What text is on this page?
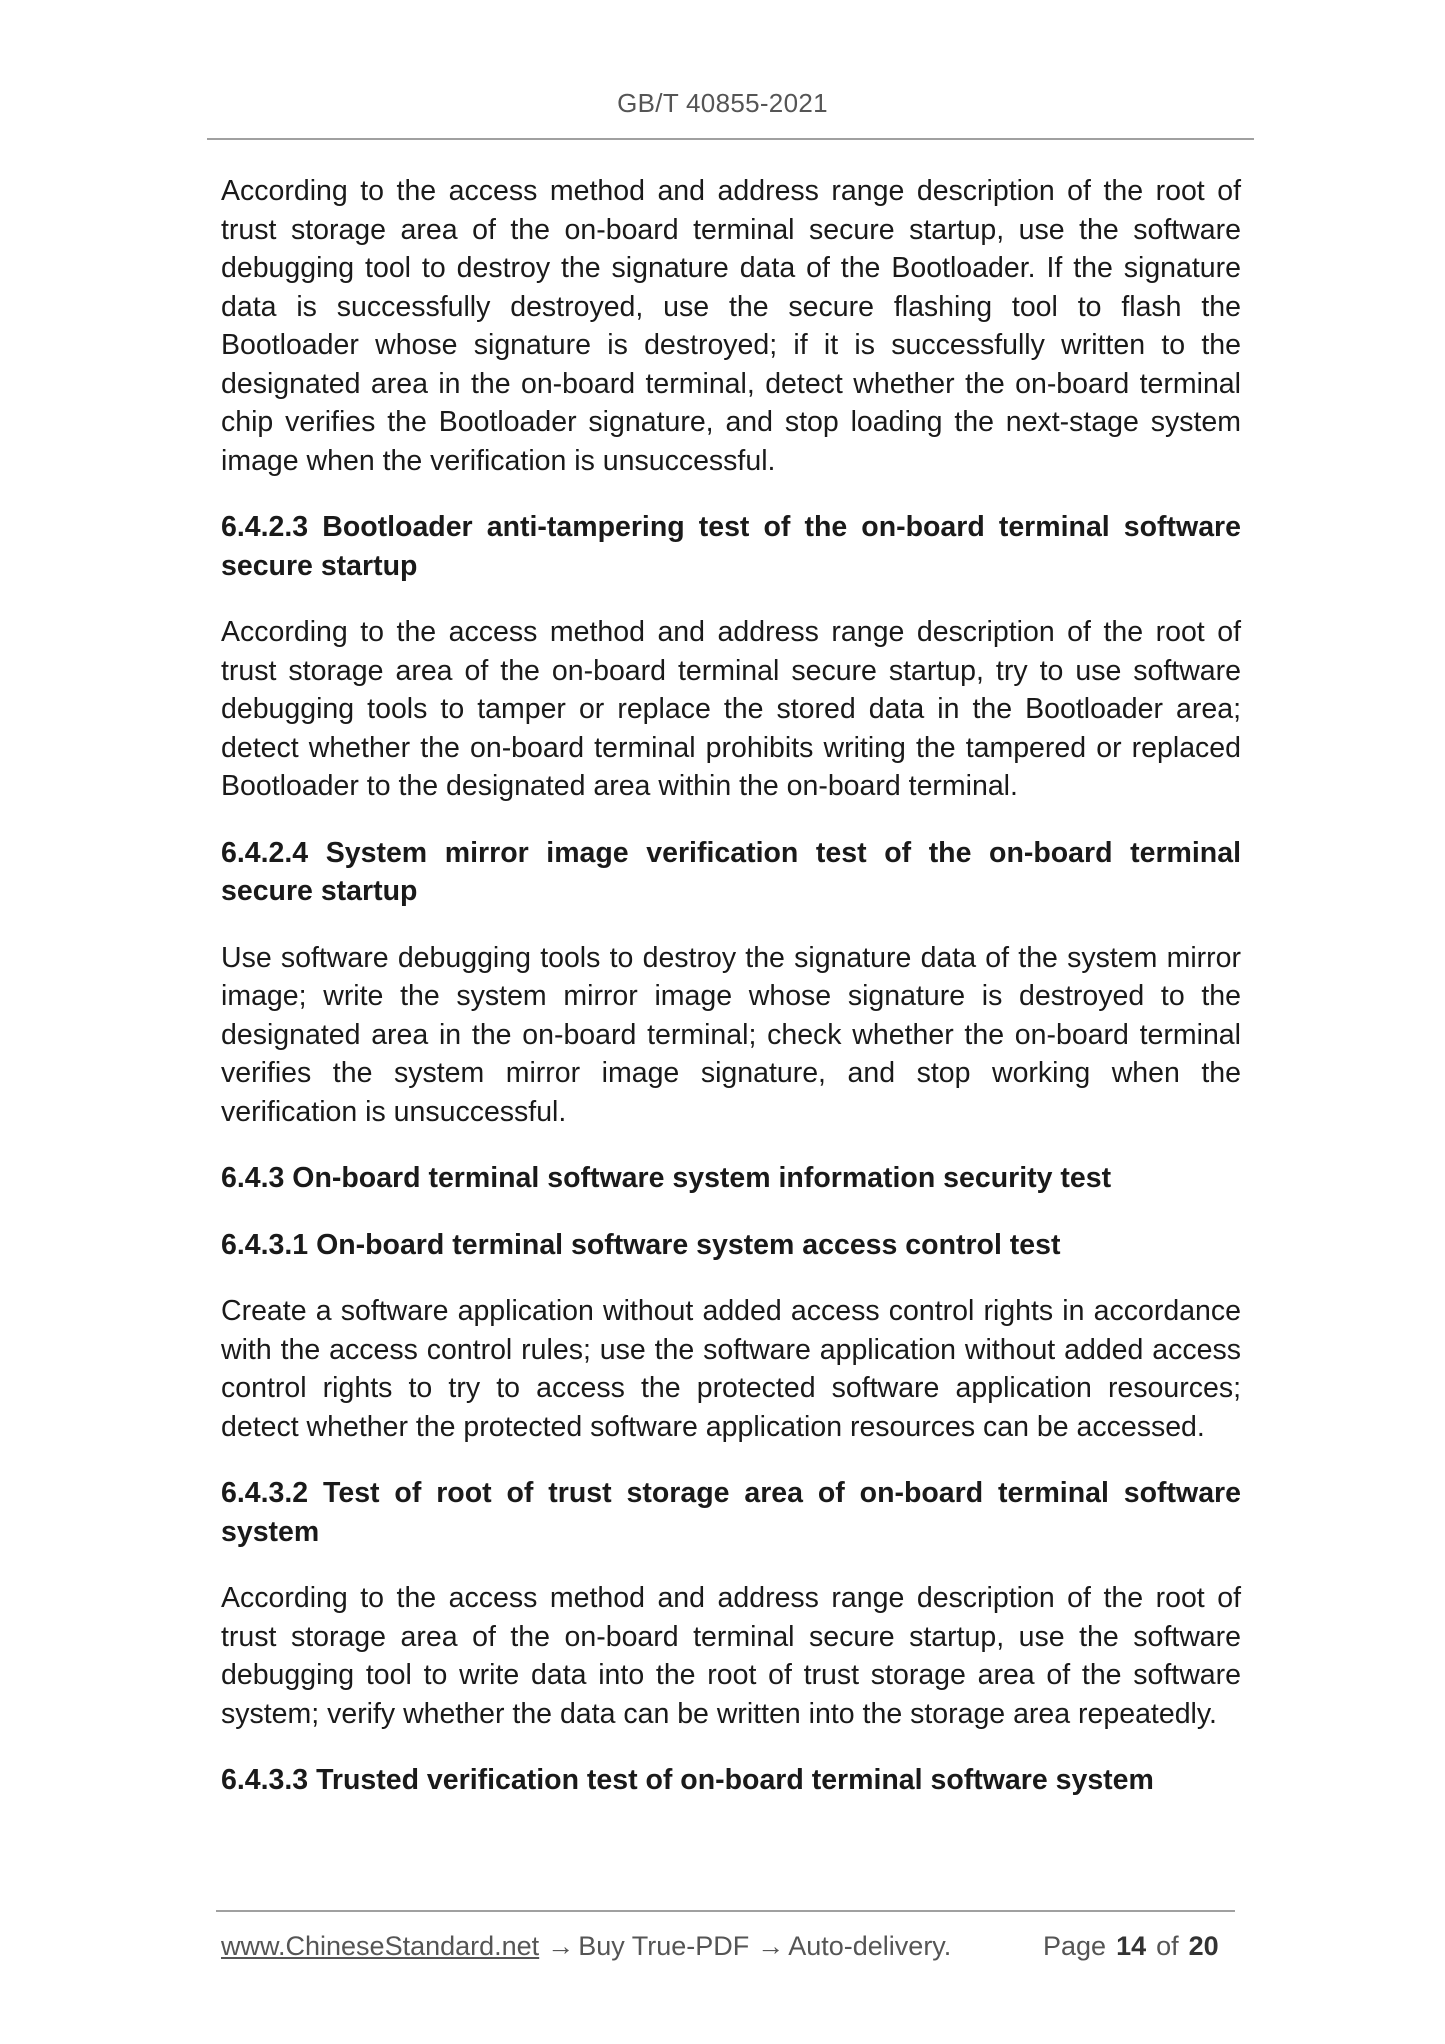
GB/T 40855-2021

According to the access method and address range description of the root of trust storage area of the on-board terminal secure startup, use the software debugging tool to destroy the signature data of the Bootloader. If the signature data is successfully destroyed, use the secure flashing tool to flash the Bootloader whose signature is destroyed; if it is successfully written to the designated area in the on-board terminal, detect whether the on-board terminal chip verifies the Bootloader signature, and stop loading the next-stage system image when the verification is unsuccessful.

6.4.2.3 Bootloader anti-tampering test of the on-board terminal software secure startup

According to the access method and address range description of the root of trust storage area of the on-board terminal secure startup, try to use software debugging tools to tamper or replace the stored data in the Bootloader area; detect whether the on-board terminal prohibits writing the tampered or replaced Bootloader to the designated area within the on-board terminal.

6.4.2.4 System mirror image verification test of the on-board terminal secure startup

Use software debugging tools to destroy the signature data of the system mirror image; write the system mirror image whose signature is destroyed to the designated area in the on-board terminal; check whether the on-board terminal verifies the system mirror image signature, and stop working when the verification is unsuccessful.

6.4.3 On-board terminal software system information security test
6.4.3.1 On-board terminal software system access control test

Create a software application without added access control rights in accordance with the access control rules; use the software application without added access control rights to try to access the protected software application resources; detect whether the protected software application resources can be accessed.

6.4.3.2 Test of root of trust storage area of on-board terminal software system

According to the access method and address range description of the root of trust storage area of the on-board terminal secure startup, use the software debugging tool to write data into the root of trust storage area of the software system; verify whether the data can be written into the storage area repeatedly.

6.4.3.3 Trusted verification test of on-board terminal software system
www.ChineseStandard.net → Buy True-PDF → Auto-delivery.	Page 14 of 20
